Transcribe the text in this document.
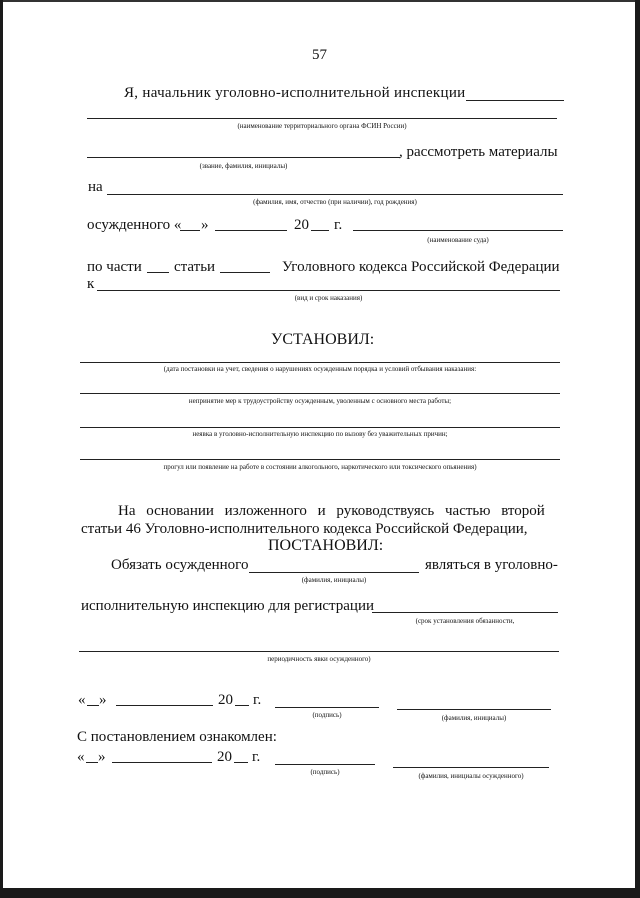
57
Я, начальник уголовно-исполнительной инспекции
(наименование территориального органа ФСИН России)
, рассмотреть материалы
(звание, фамилия, инициалы)
на
(фамилия, имя, отчество (при наличии), год рождения)
осужденного « »	20 г.
(наименование суда)
по части статьи	Уголовного кодекса Российской Федерации
к
(вид и срок наказания)
УСТАНОВИЛ:
(дата постановки на учет, сведения о нарушениях осужденным порядка и условий отбывания наказания:
непринятие мер к трудоустройству осужденным, уволенным с основного места работы;
неявка в уголовно-исполнительную инспекцию по вызову без уважительных причин;
прогул или появление на работе в состоянии алкогольного, наркотического или токсического опьянения)
На основании изложенного и руководствуясь частью второй
статьи 46 Уголовно-исполнительного кодекса Российской Федерации,
ПОСТАНОВИЛ:
Обязать осужденного	являться в уголовно-
(фамилия, инициалы)
исполнительную инспекцию для регистрации
(срок установления обязанности,
периодичность явки осужденного)
« »	20 г.
(подпись)	(фамилия, инициалы)
С постановлением ознакомлен:
« »	20 г.
(подпись)	(фамилия, инициалы осужденного)
